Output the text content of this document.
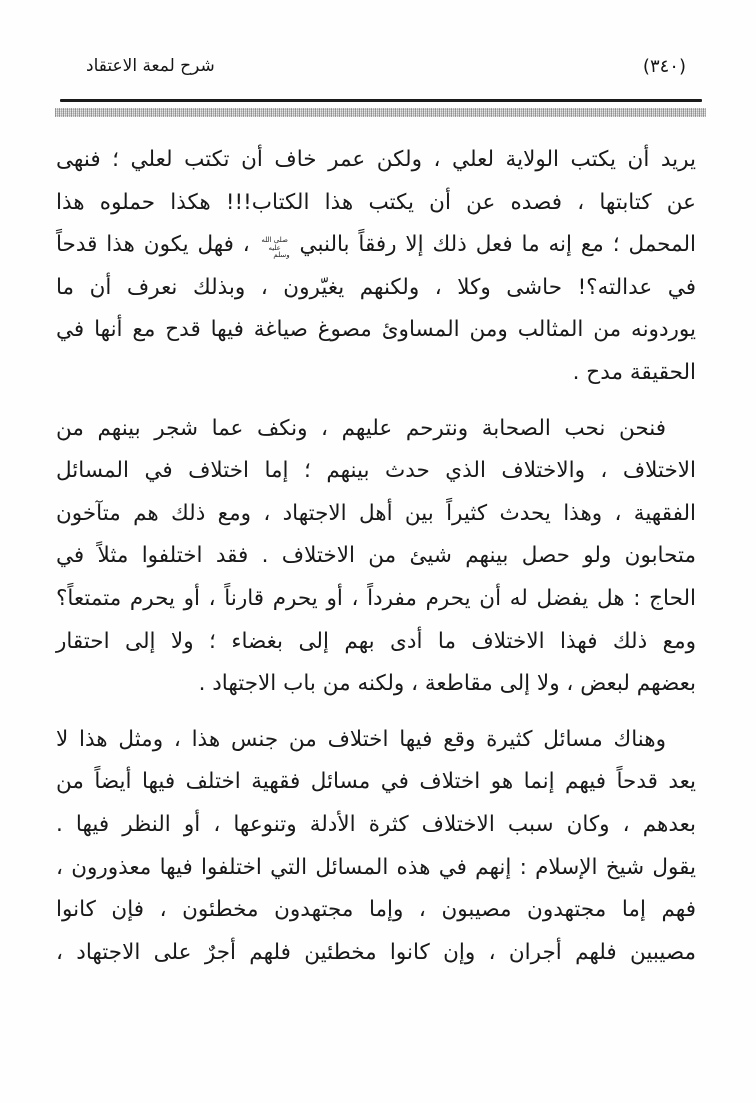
شرح لمعة الاعتقاد	(٣٤٠)
يريد أن يكتب الولاية لعلي ، ولكن عمر خاف أن تكتب لعلي ؛ فنهى
عن كتابتها ، فصده عن أن يكتب هذا الكتاب!!! هكذا حملوه هذا
المحمل ؛ مع إنه ما فعل ذلك إلا رفقاً بالنبي صلى الله عليه وسلم ، فهل يكون هذا قدحاً
في عدالته؟! حاشى وكلا ، ولكنهم يغيّرون ، وبذلك نعرف أن ما
يوردونه من المثالب ومن المساوئ مصوغ صياغة فيها قدح مع أنها في
الحقيقة مدح .
فنحن نحب الصحابة ونترحم عليهم ، ونكف عما شجر بينهم من
الاختلاف ، والاختلاف الذي حدث بينهم ؛ إما اختلاف في المسائل
الفقهية ، وهذا يحدث كثيراً بين أهل الاجتهاد ، ومع ذلك هم متآخون
متحابون ولو حصل بينهم شيئ من الاختلاف . فقد اختلفوا مثلاً في
الحاج : هل يفضل له أن يحرم مفرداً ، أو يحرم قارناً ، أو يحرم متمتعاً؟
ومع ذلك فهذا الاختلاف ما أدى بهم إلى بغضاء ؛ ولا إلى احتقار
بعضهم لبعض ، ولا إلى مقاطعة ، ولكنه من باب الاجتهاد .
وهناك مسائل كثيرة وقع فيها اختلاف من جنس هذا ، ومثل هذا لا
يعد قدحاً فيهم إنما هو اختلاف في مسائل فقهية اختلف فيها أيضاً من
بعدهم ، وكان سبب الاختلاف كثرة الأدلة وتنوعها ، أو النظر فيها .
يقول شيخ الإسلام : إنهم في هذه المسائل التي اختلفوا فيها معذورون ،
فهم إما مجتهدون مصيبون ، وإما مجتهدون مخطئون ، فإن كانوا
مصيبين فلهم أجران ، وإن كانوا مخطئين فلهم أجرٌ على الاجتهاد ،
